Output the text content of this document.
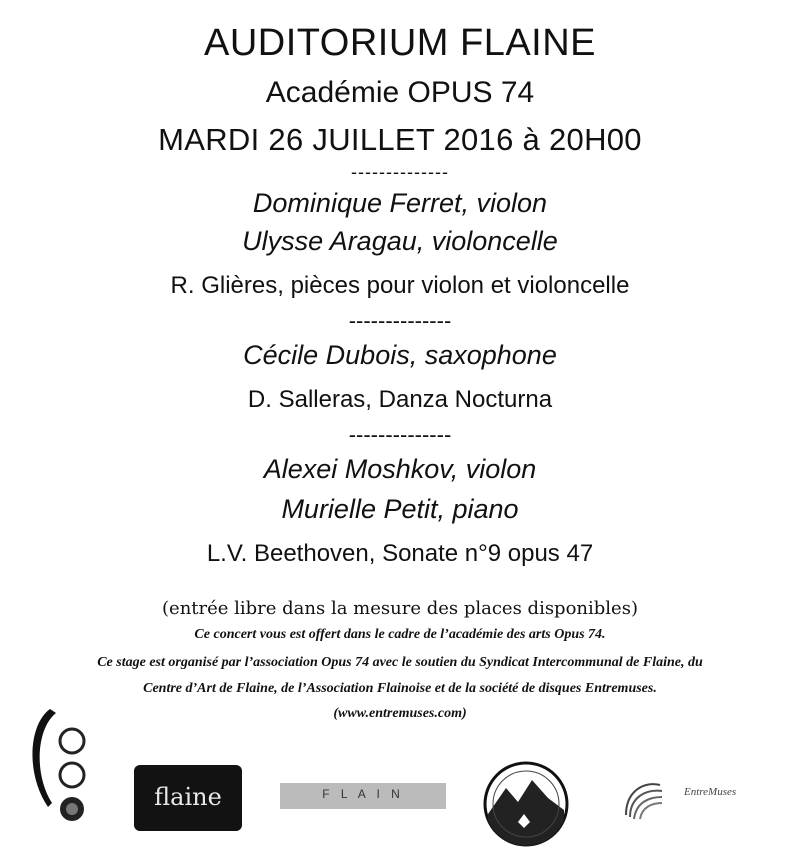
AUDITORIUM FLAINE
Académie OPUS 74
MARDI 26 JUILLET 2016 à 20H00
--------------
Dominique Ferret, violon
Ulysse Aragau, violoncelle
R. Glières, pièces pour violon et violoncelle
--------------
Cécile Dubois, saxophone
D. Salleras, Danza Nocturna
--------------
Alexei Moshkov, violon
Murielle Petit, piano
L.V. Beethoven, Sonate n°9 opus 47
(entrée libre dans la mesure des places disponibles)
Ce concert vous est offert dans le cadre de l’académie des arts Opus 74.
Ce stage est organisé par l’association Opus 74 avec le soutien du Syndicat Intercommunal de Flaine, du
Centre d’Art de Flaine, de l’Association Flainoise et de la société de disques Entremuses.
(www.entremuses.com)
flaine	F L A I N	EntreMuses
